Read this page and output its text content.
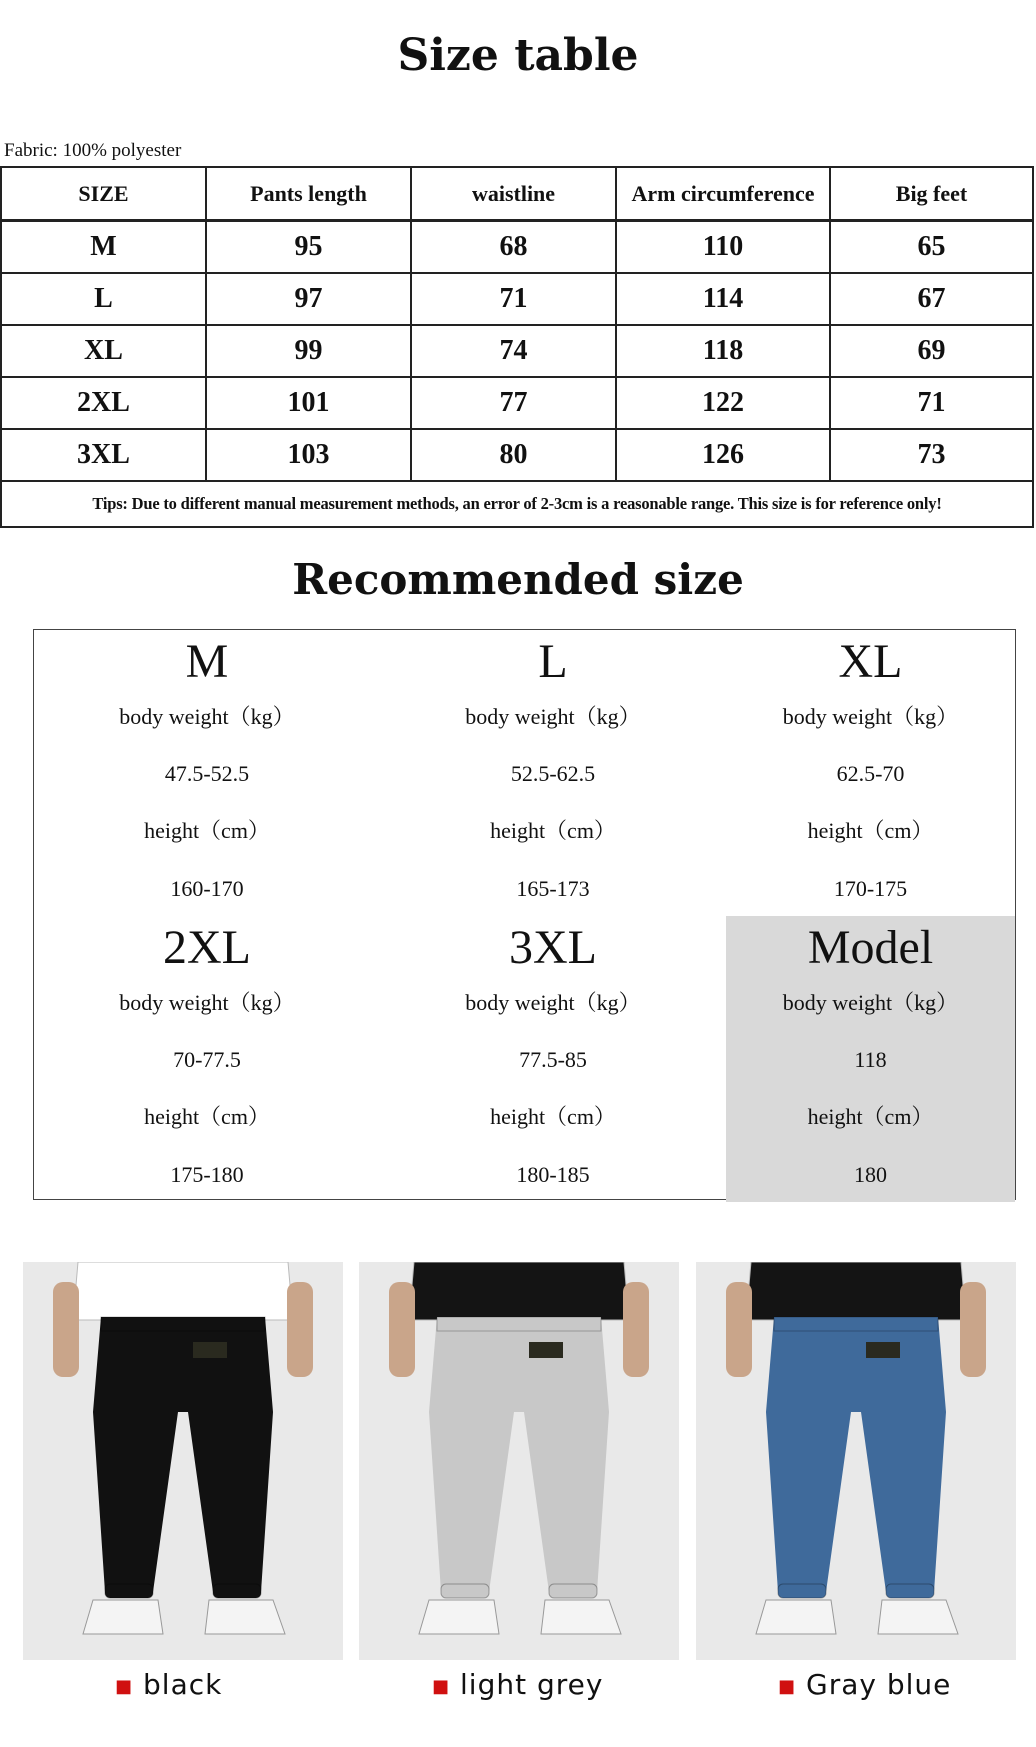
Size table
Fabric: 100% polyester
SIZE	Pants length	waistline	Arm circumference	Big feet
M	95	68	110	65
L	97	71	114	67
XL	99	74	118	69
2XL	101	77	122	71
3XL	103	80	126	73
Tips: Due to different manual measurement methods, an error of 2-3cm is a reasonable range. This size is for reference only!				
Recommended size
M
body weight（kg）
47.5-52.5
height（cm）
160-170
L
body weight（kg）
52.5-62.5
height（cm）
165-173
XL
body weight（kg）
62.5-70
height（cm）
170-175
2XL
body weight（kg）
70-77.5
height（cm）
175-180
3XL
body weight（kg）
77.5-85
height（cm）
180-185
Model
body weight（kg）
118
height（cm）
180
■ black	■ light grey	■ Gray blue
